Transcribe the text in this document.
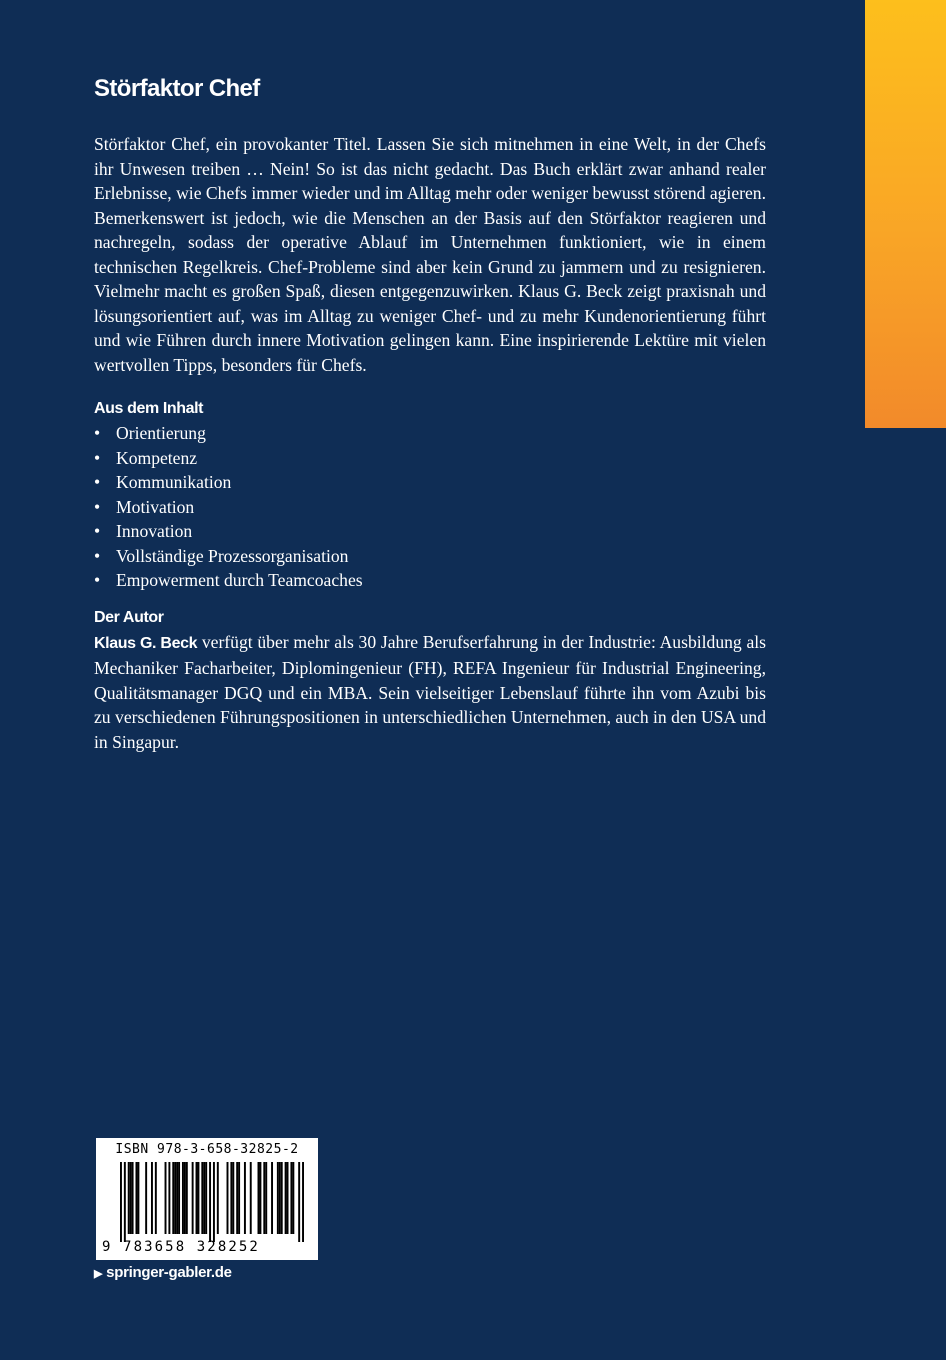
Störfaktor Chef

Störfaktor Chef, ein provokanter Titel. Lassen Sie sich mitnehmen in eine Welt, in der Chefs ihr Unwesen treiben … Nein! So ist das nicht gedacht. Das Buch erklärt zwar anhand realer Erlebnisse, wie Chefs immer wieder und im Alltag mehr oder weniger bewusst störend agieren. Bemerkenswert ist jedoch, wie die Menschen an der Basis auf den Störfaktor reagieren und nachregeln, sodass der operative Ablauf im Unternehmen funktioniert, wie in einem technischen Regelkreis. Chef-Probleme sind aber kein Grund zu jammern und zu resignieren. Vielmehr macht es großen Spaß, diesen entgegenzuwirken. Klaus G. Beck zeigt praxisnah und lösungsorientiert auf, was im Alltag zu weniger Chef- und zu mehr Kundenorientierung führt und wie Führen durch innere Motivation gelingen kann. Eine inspirierende Lektüre mit vielen wertvollen Tipps, besonders für Chefs.

Aus dem Inhalt
• Orientierung
• Kompetenz
• Kommunikation
• Motivation
• Innovation
• Vollständige Prozessorganisation
• Empowerment durch Teamcoaches
Der Autor

Klaus G. Beck verfügt über mehr als 30 Jahre Berufserfahrung in der Industrie: Ausbildung als Mechaniker Facharbeiter, Diplomingenieur (FH), REFA Ingenieur für Industrial Engineering, Qualitätsmanager DGQ und ein MBA. Sein vielseitiger Lebenslauf führte ihn vom Azubi bis zu verschiedenen Führungspositionen in unterschiedlichen Unternehmen, auch in den USA und in Singapur.

ISBN 978-3-658-32825-2
9 783658 328252
▶ springer-gabler.de
